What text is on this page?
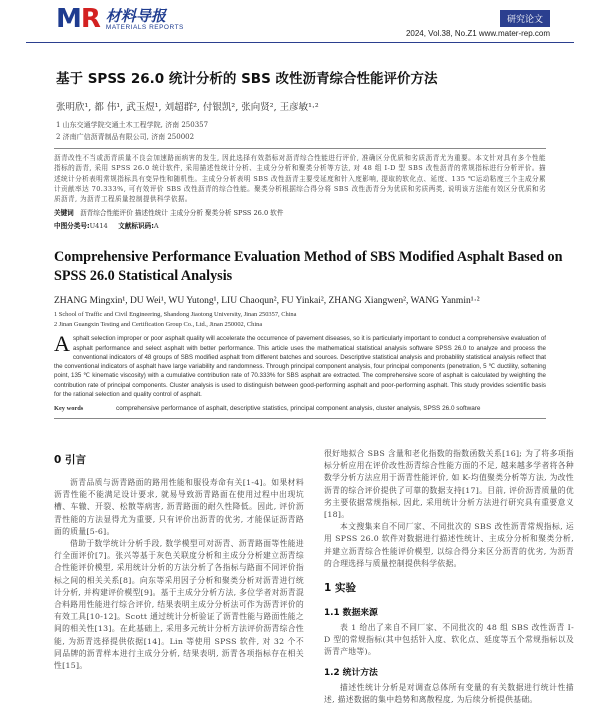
MR 材料导报
MATERIALS REPORTS
研究论文
2024, Vol.38, No.Z1 www.mater-rep.com
基于 SPSS 26.0 统计分析的 SBS 改性沥青综合性能评价方法
张明欣¹, 都 伟¹, 武玉煜¹, 刘超群², 付银凯², 张向贤², 王彦敏¹·²
1 山东交通学院交通土木工程学院, 济南 250357
2 济南广信沥青制品有限公司, 济南 250002
沥青改性不当或沥青质量不良会加速路面病害的发生, 因此选择有效指标对沥青综合性能进行评价, 准确区分优质和劣质沥青尤为重要。本文针对具有多个性能指标的沥青, 采用 SPSS 26.0 统计软件, 采用描述性统计分析、主成分分析和聚类分析等方法, 对 48 组 I-D 型 SBS 改性沥青的常规指标进行分析评价。描述统计分析表明常规指标具有变异性和随机性。主成分分析表明 SBS 改性沥青主要受延度和针入度影响, 提取的软化点、延度、135 ℃运动粘度三个主成分累计贡献率达 70.333%, 可有效评价 SBS 改性沥青的综合性能。聚类分析根据综合得分将 SBS 改性沥青分为优质和劣质两类, 说明该方法能有效区分优质和劣质沥青, 为沥青工程质量控制提供科学依据。
关键词 沥青综合性能评价 描述性统计 主成分分析 聚类分析 SPSS 26.0 软件
中图分类号:U414 文献标识码:A
Comprehensive Performance Evaluation Method of SBS Modified Asphalt Based on SPSS 26.0 Statistical Analysis
ZHANG Mingxin¹, DU Wei¹, WU Yutong¹, LIU Chaoqun², FU Yinkai², ZHANG Xiangwen², WANG Yanmin¹·²
1 School of Traffic and Civil Engineering, Shandong Jiaotong University, Jinan 250357, China
2 Jinan Guangxin Testing and Certification Group Co., Ltd., Jinan 250002, China
Asphalt selection improper or poor asphalt quality will accelerate the occurrence of pavement diseases, so it is particularly important to conduct a comprehensive evaluation of asphalt performance and select asphalt with better performance. This article uses the mathematical statistical analysis software SPSS 26.0 to analyze and process the conventional indicators of 48 groups of SBS modified asphalt from different batches and sources. Descriptive statistical analysis and probability statistical analysis reflect that the conventional indicators of asphalt have large variability and randomness. Through principal component analysis, four principal components (penetration, 5 ℃ ductility, softening point, 135 ℃ kinematic viscosity) with a cumulative contribution rate of 70.333% for SBS asphalt are extracted. The comprehensive score of asphalt is calculated by weighting the contribution rate of principal components. Cluster analysis is used to distinguish between good-performing asphalt and poor-performing asphalt. This study provides scientific basis for the rational selection and quality control of asphalt.
Key words	comprehensive performance of asphalt, descriptive statistics, principal component analysis, cluster analysis, SPSS 26.0 software
0 引言

沥青品质与沥青路面的路用性能和服役寿命有关[1-4]。如果材料沥青性能不能满足设计要求, 就易导致沥青路面在使用过程中出现坑槽、车辙、开裂、松散等病害, 沥青路面的耐久性降低。因此, 评价沥青性能的方法显得尤为重要, 只有评价出沥青的优劣, 才能保证沥青路面的质量[5-6]。

借助于数学统计分析手段, 数学模型可对沥青、沥青路面等性能进行全面评价[7]。张兴等基于灰色关联度分析和主成分分析建立沥青综合性能评价模型, 采用统计分析的方法分析了各指标与路面不同评价指标之间的相关关系[8]。向东等采用因子分析和聚类分析对沥青进行统计分析, 并构建评价模型[9]。基于主成分分析方法, 多位学者对沥青混合料路用性能进行综合评价, 结果表明主成分分析法可作为沥青评价的有效工具[10-12]。Scott 通过统计分析验证了沥青性能与路面性能之间的相关性[13]。在此基础上, 采用多元统计分析方法评价沥青综合性能, 为沥青选择提供依据[14]。Lin 等使用 SPSS 软件, 对 32 个不同品牌的沥青样本进行主成分分析, 结果表明, 沥青各项指标存在相关性[15]。

很好地拟合 SBS 含量和老化指数的指数函数关系[16]; 为了将多项指标分析应用在评价改性沥青综合性能方面的不足, 越来越多学者将各种数学分析方法应用于沥青性能评价, 如 K-均值聚类分析等方法, 为改性沥青的综合评价提供了可靠的数据支持[17]。目前, 评价沥青质量的优劣主要依据常规指标, 因此, 采用统计分析方法进行研究具有重要意义[18]。

本文搜集来自不同厂家、不同批次的 SBS 改性沥青常规指标, 运用 SPSS 26.0 软件对数据进行描述性统计、主成分分析和聚类分析, 并建立沥青综合性能评价模型, 以综合得分来区分沥青的优劣, 为沥青的合理选择与质量控制提供科学依据。

1 实验
1.1 数据来源

表 1 给出了来自不同厂家、不同批次的 48 组 SBS 改性沥青 I-D 型的常规指标(其中包括针入度、软化点、延度等五个常规指标以及沥青产地等)。

1.2 统计方法

描述性统计分析是对调查总体所有变量的有关数据进行统计性描述, 描述数据的集中趋势和离散程度, 为后续分析提供基础。
